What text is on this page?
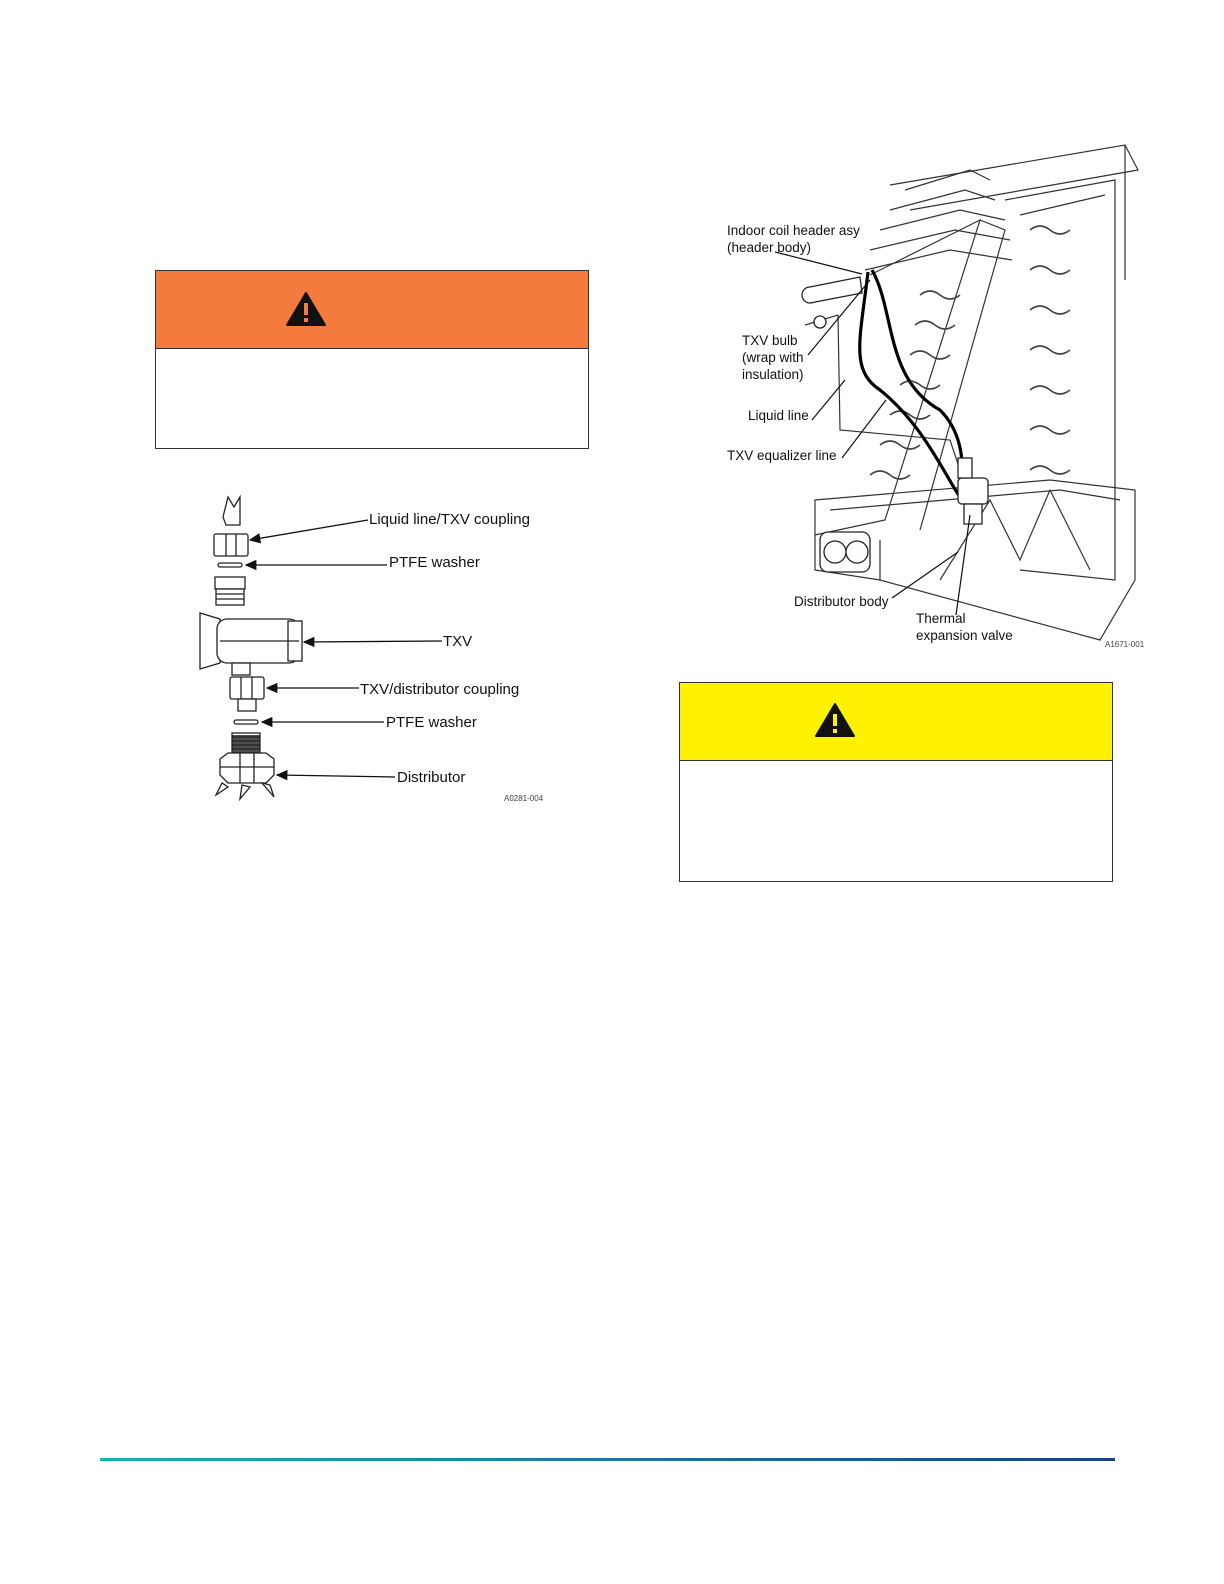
Liquid line/TXV coupling
PTFE washer
TXV
TXV/distributor coupling
PTFE washer
Distributor
A0281-004
Indoor coil header asy
(header body)
TXV bulb
(wrap with
insulation)
Liquid line
TXV equalizer line
Distributor body
Thermal
expansion valve
A1671-001
